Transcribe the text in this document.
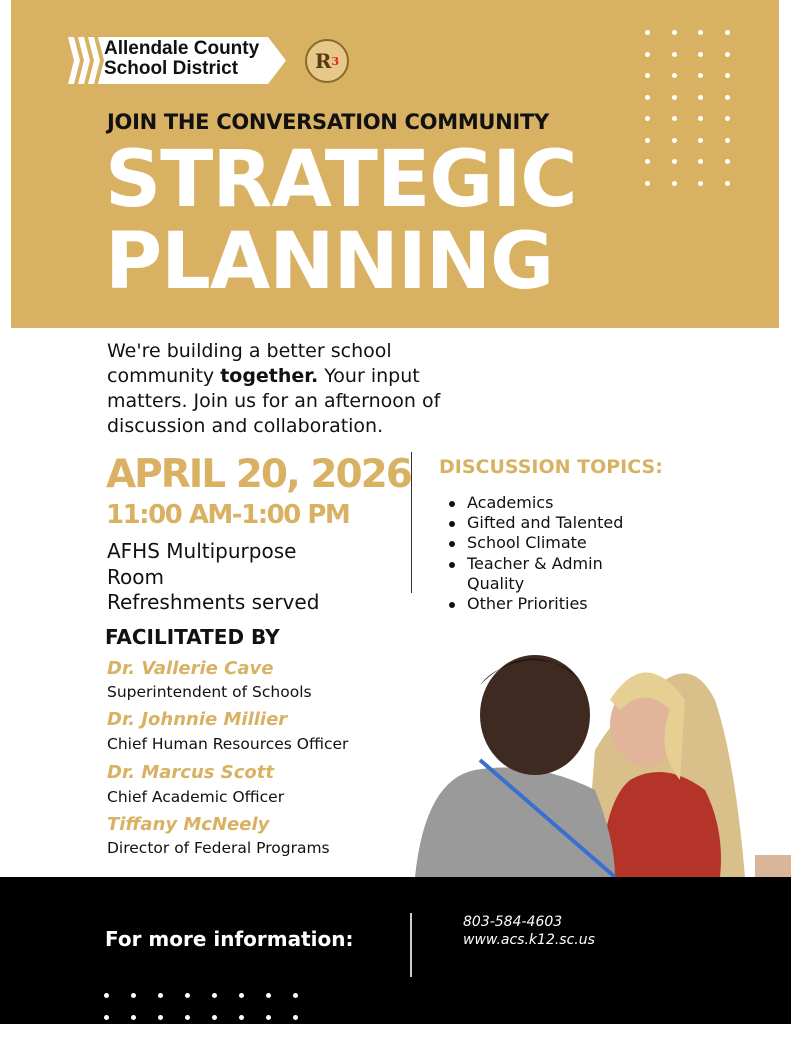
Allendale County
School District	R 3
JOIN THE CONVERSATION COMMUNITY
STRATEGIC
PLANNING

We're building a better school community together. Your input matters. Join us for an afternoon of discussion and collaboration.

APRIL 20, 2026
11:00 AM-1:00 PM
AFHS Multipurpose
Room
Refreshments served
DISCUSSION TOPICS:
Academics
Gifted and Talented
School Climate
Teacher & Admin Quality
Other Priorities
FACILITATED BY
Dr. Vallerie Cave
Superintendent of Schools
Dr. Johnnie Millier
Chief Human Resources Officer
Dr. Marcus Scott
Chief Academic Officer
Tiffany McNeely
Director of Federal Programs
For more information:
803-584-4603
www.acs.k12.sc.us
